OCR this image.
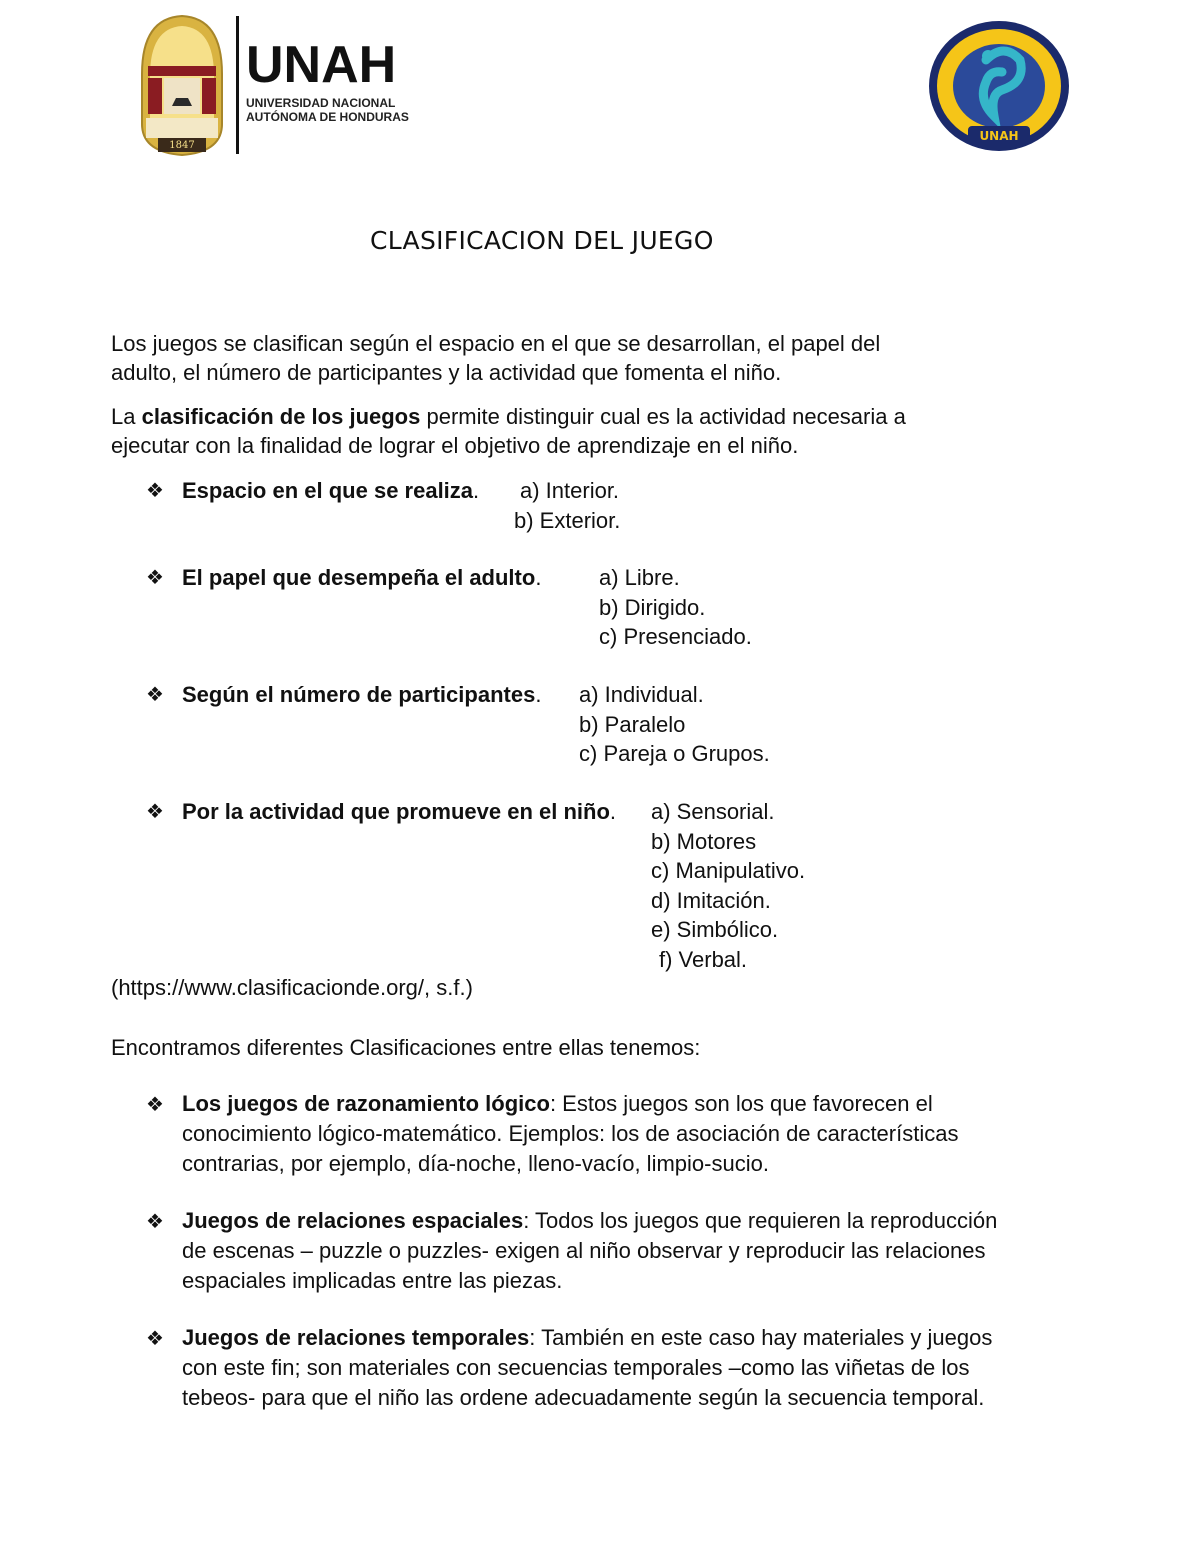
1847
UNAH
UNIVERSIDAD NACIONAL
AUTÓNOMA DE HONDURAS
UNAH
CLASIFICACION DEL JUEGO

Los juegos se clasifican según el espacio en el que se desarrollan, el papel del

adulto, el número de participantes y la actividad que fomenta el niño.

La clasificación de los juegos permite distinguir cual es la actividad necesaria a

ejecutar con la finalidad de lograr el objetivo de aprendizaje en el niño.

❖ Espacio en el que se realiza. a) Interior.
b) Exterior.
❖ El papel que desempeña el adulto.	a) Libre.
b) Dirigido.
c) Presenciado.
❖ Según el número de participantes. a) Individual.
b) Paralelo
c) Pareja o Grupos.
❖ Por la actividad que promueve en el niño. a) Sensorial.
b) Motores
c) Manipulativo.
d) Imitación.
e) Simbólico.
f) Verbal.

(https://www.clasificacionde.org/, s.f.)

Encontramos diferentes Clasificaciones entre ellas tenemos:

❖ Los juegos de razonamiento lógico: Estos juegos son los que favorecen el conocimiento lógico-matemático. Ejemplos: los de asociación de características contrarias, por ejemplo, día-noche, lleno-vacío, limpio-sucio.
❖ Juegos de relaciones espaciales: Todos los juegos que requieren la reproducción de escenas – puzzle o puzzles- exigen al niño observar y reproducir las relaciones espaciales implicadas entre las piezas.
❖ Juegos de relaciones temporales: También en este caso hay materiales y juegos con este fin; son materiales con secuencias temporales –como las viñetas de los tebeos- para que el niño las ordene adecuadamente según la secuencia temporal.
